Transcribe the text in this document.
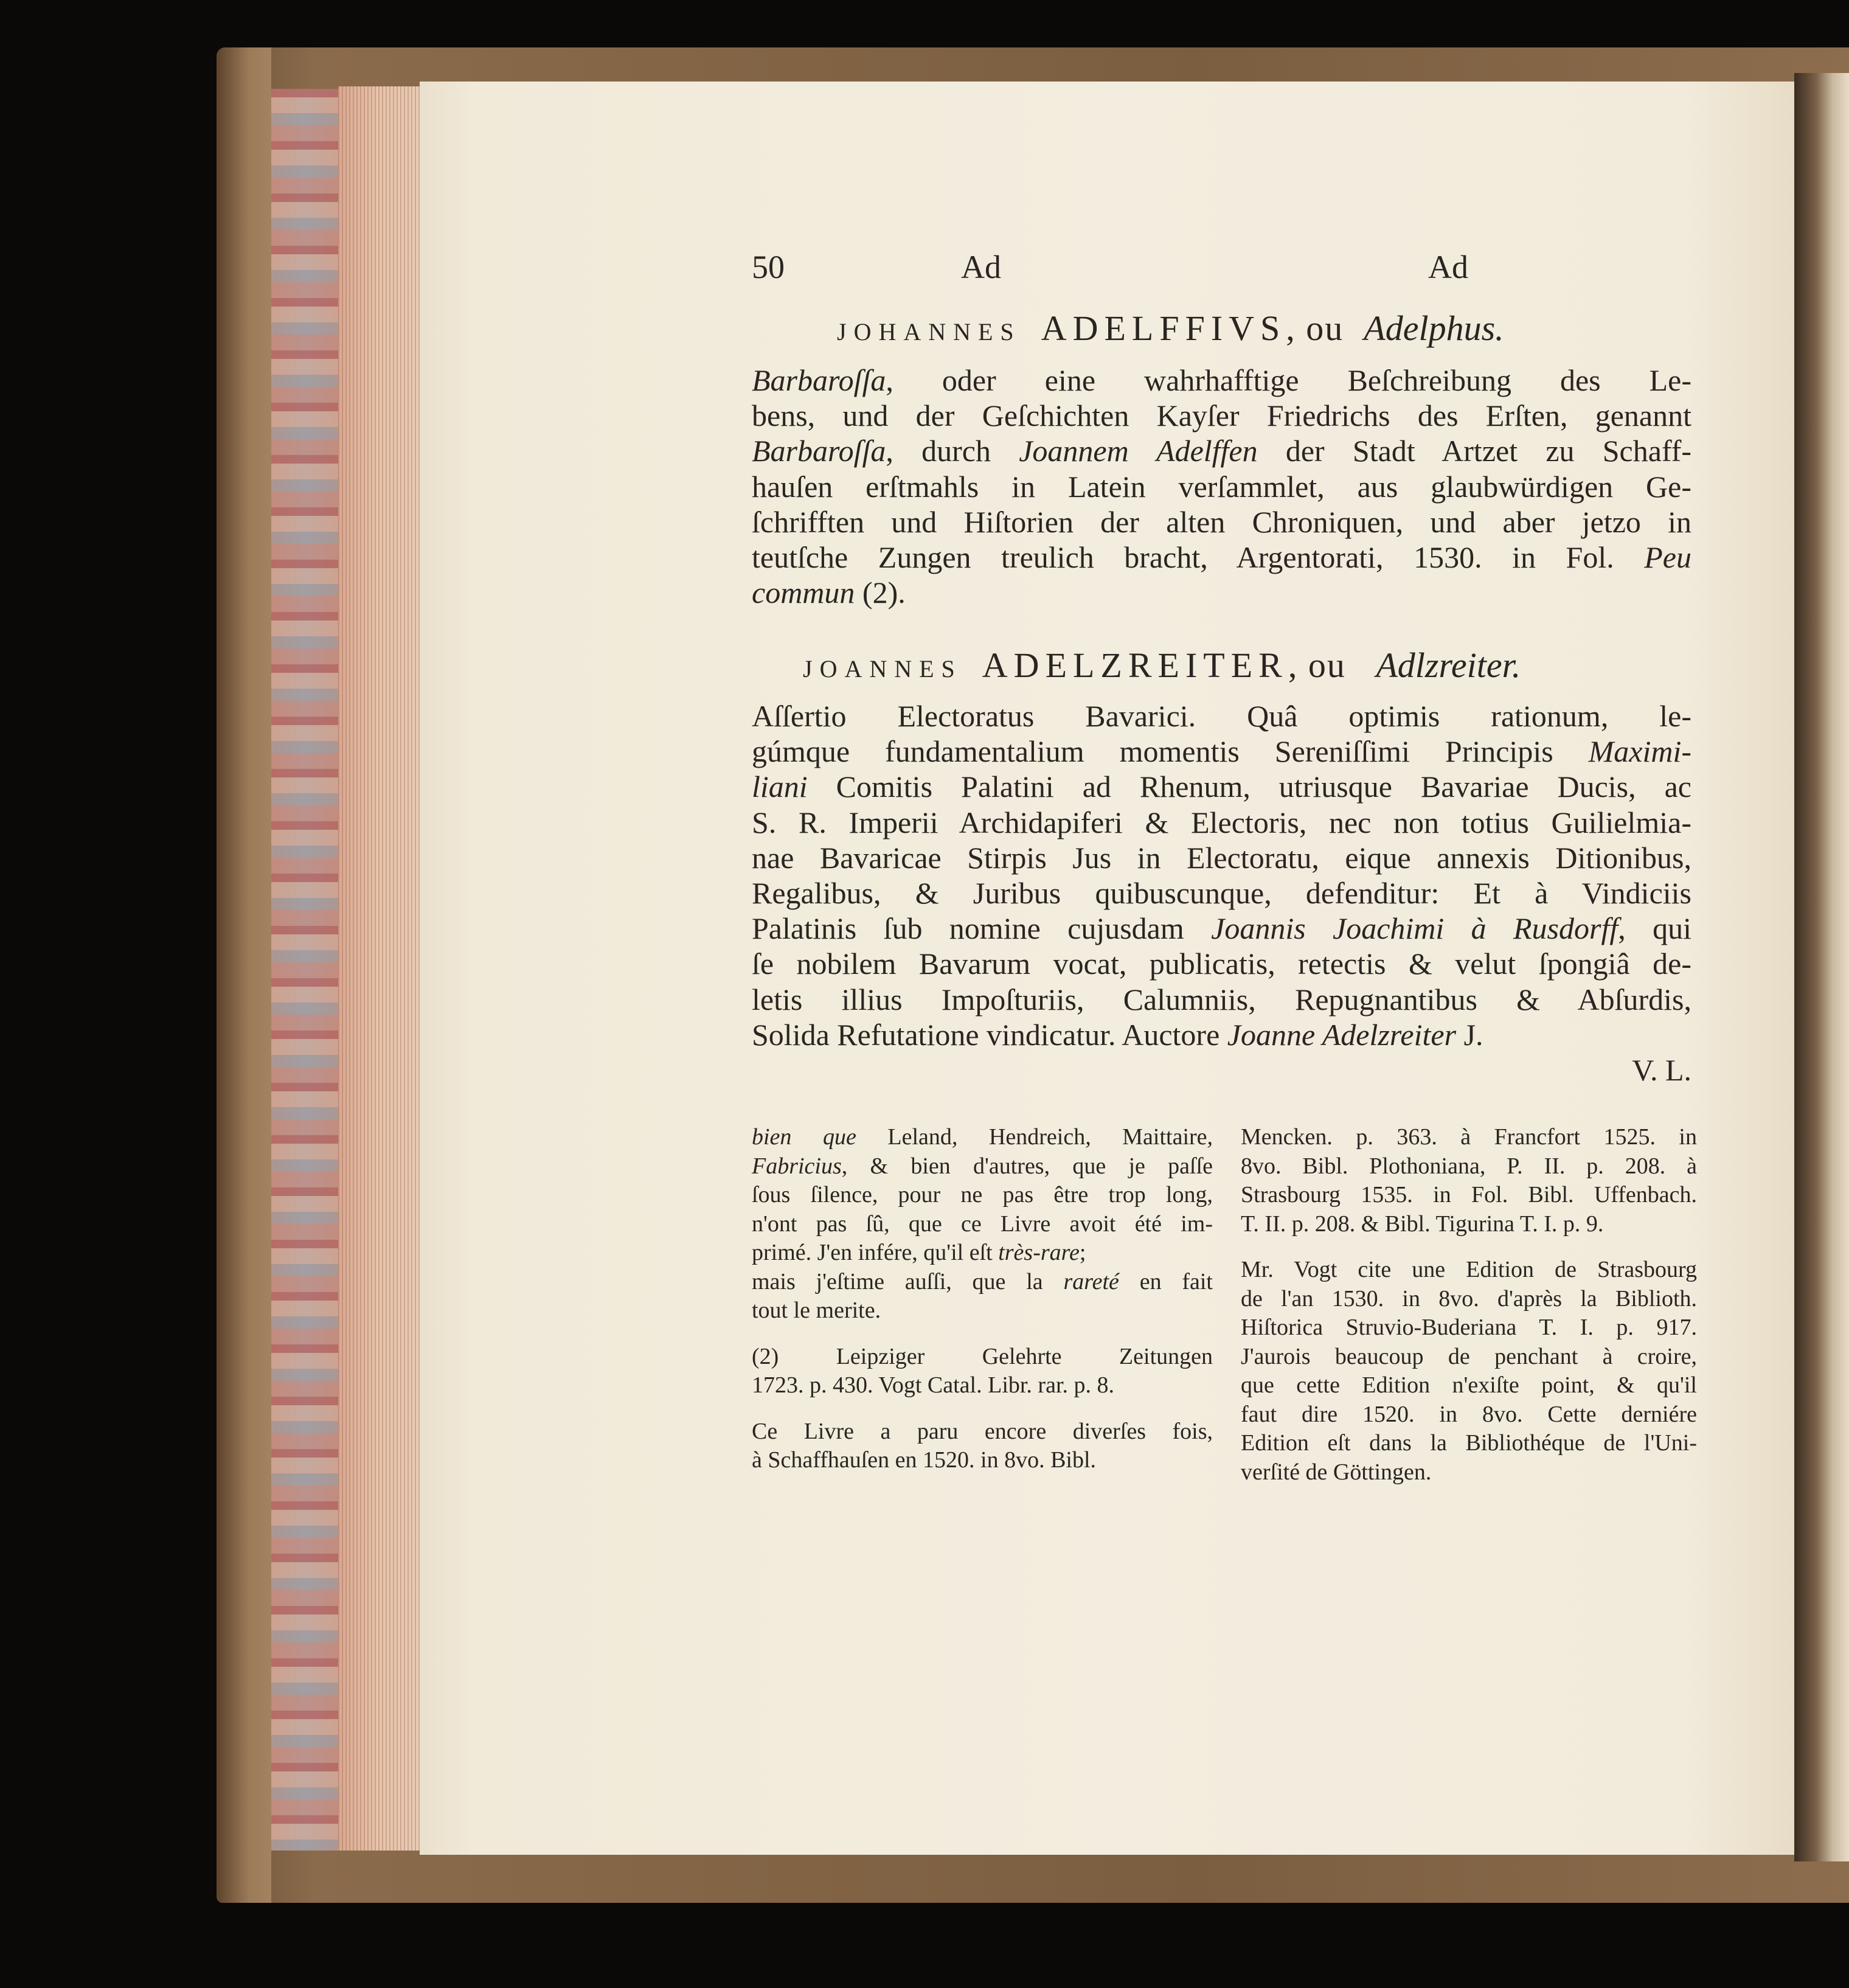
50	Ad	Ad
JOHANNES ADELFFIVS, ou Adelphus.
Barbaroſſa, oder eine wahrhafftige Beſchreibung des Le-
bens, und der Geſchichten Kayſer Friedrichs des Erſten, genannt
Barbaroſſa, durch Joannem Adelffen der Stadt Artzet zu Schaff-
hauſen erſtmahls in Latein verſammlet, aus glaubwürdigen Ge-
ſchrifften und Hiſtorien der alten Chroniquen, und aber jetzo in
teutſche Zungen treulich bracht, Argentorati, 1530. in Fol. Peu
commun (2).
JOANNES ADELZREITER, ou Adlzreiter.
Aſſertio Electoratus Bavarici. Quâ optimis rationum, le-
gúmque fundamentalium momentis Sereniſſimi Principis Maximi-
liani Comitis Palatini ad Rhenum, utriusque Bavariae Ducis, ac
S. R. Imperii Archidapiferi & Electoris, nec non totius Guilielmia-
nae Bavaricae Stirpis Jus in Electoratu, eique annexis Ditionibus,
Regalibus, & Juribus quibuscunque, defenditur: Et à Vindiciis
Palatinis ſub nomine cujusdam Joannis Joachimi à Rusdorff, qui
ſe nobilem Bavarum vocat, publicatis, retectis & velut ſpongiâ de-
letis illius Impoſturiis, Calumniis, Repugnantibus & Abſurdis,
Solida Refutatione vindicatur. Auctore Joanne Adelzreiter J.
V. L.
bien que Leland, Hendreich, Maittaire,
Fabricius, & bien d'autres, que je paſſe
ſous ſilence, pour ne pas être trop long,
n'ont pas ſû, que ce Livre avoit été im-
primé. J'en infére, qu'il eſt très-rare;
mais j'eſtime auſſi, que la rareté en fait
tout le merite.
(2) Leipziger Gelehrte Zeitungen
1723. p. 430. Vogt Catal. Libr. rar. p. 8.
Ce Livre a paru encore diverſes fois,
à Schaffhauſen en 1520. in 8vo. Bibl.
Mencken. p. 363. à Francfort 1525. in
8vo. Bibl. Plothoniana, P. II. p. 208. à
Strasbourg 1535. in Fol. Bibl. Uffenbach.
T. II. p. 208. & Bibl. Tigurina T. I. p. 9.
Mr. Vogt cite une Edition de Strasbourg
de l'an 1530. in 8vo. d'après la Biblioth.
Hiſtorica Struvio-Buderiana T. I. p. 917.
J'aurois beaucoup de penchant à croire,
que cette Edition n'exiſte point, & qu'il
faut dire 1520. in 8vo. Cette derniére
Edition eſt dans la Bibliothéque de l'Uni-
verſité de Göttingen.
